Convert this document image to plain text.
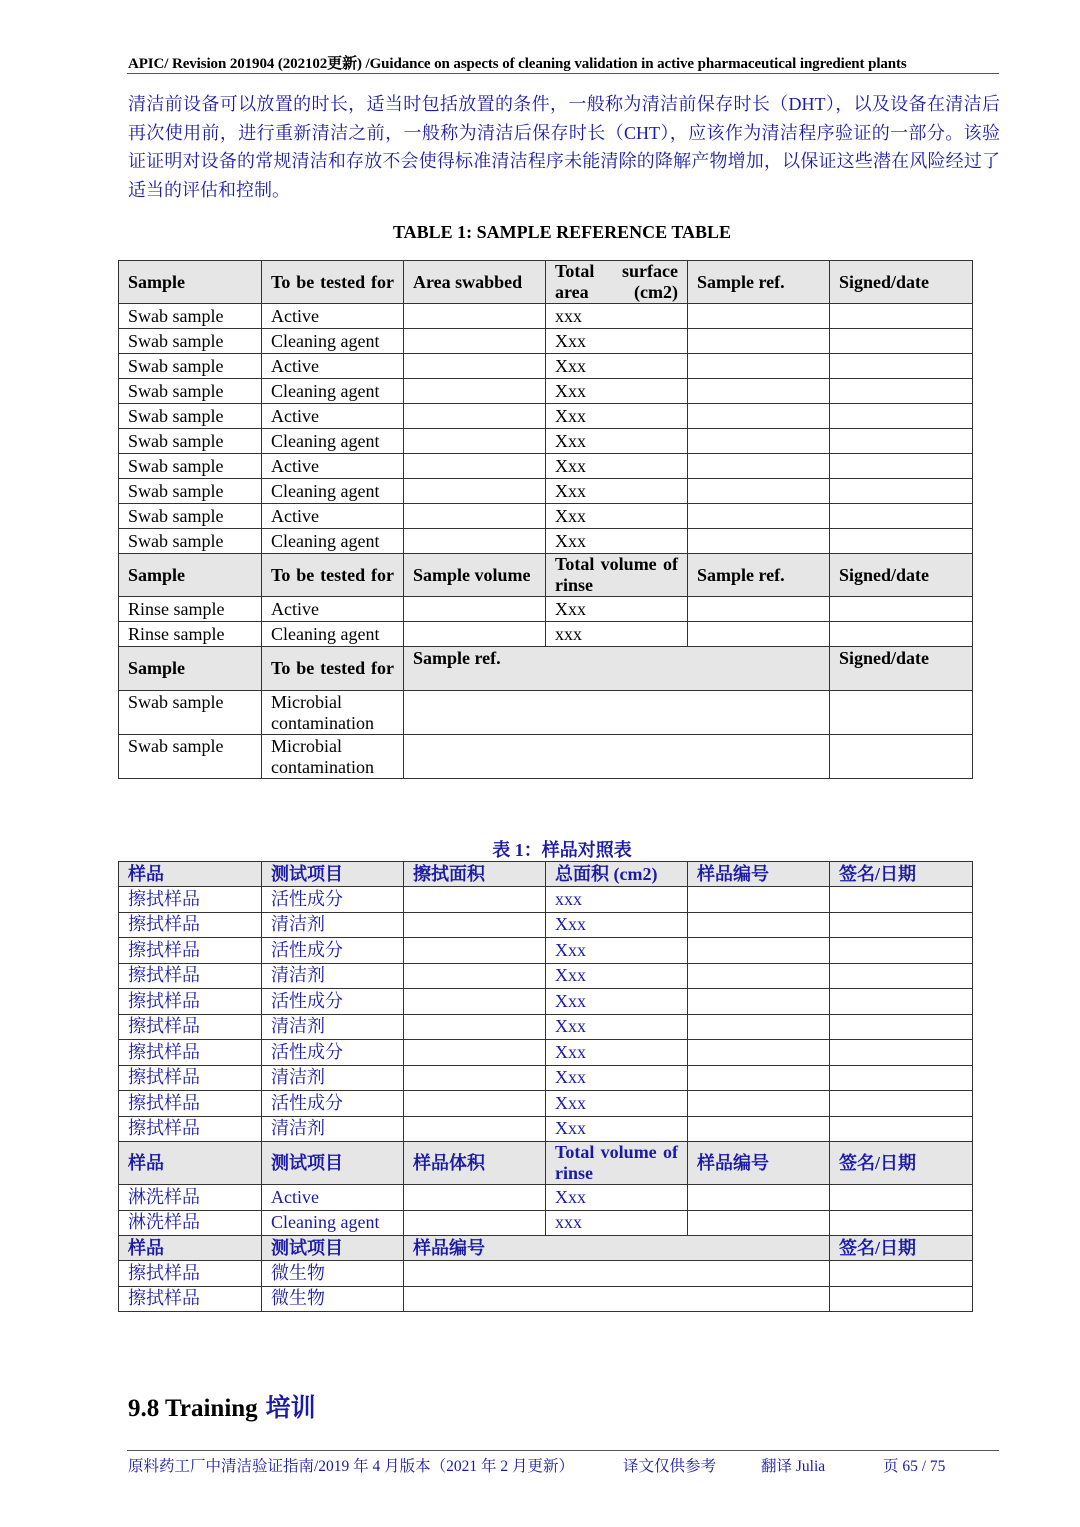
APIC/ Revision 201904 (202102更新) /Guidance on aspects of cleaning validation in active pharmaceutical ingredient plants
清洁前设备可以放置的时长，适当时包括放置的条件，一般称为清洁前保存时长（DHT），以及设备在清洁后再次使用前，进行重新清洁之前，一般称为清洁后保存时长（CHT），应该作为清洁程序验证的一部分。该验证证明对设备的常规清洁和存放不会使得标准清洁程序未能清除的降解产物增加，以保证这些潜在风险经过了适当的评估和控制。
TABLE 1: SAMPLE REFERENCE TABLE
Sample	To be tested for	Area swabbed	Total surface area (cm2)	Sample ref.	Signed/date
Swab sample	Active		xxx		
Swab sample	Cleaning agent		Xxx		
Swab sample	Active		Xxx		
Swab sample	Cleaning agent		Xxx		
Swab sample	Active		Xxx		
Swab sample	Cleaning agent		Xxx		
Swab sample	Active		Xxx		
Swab sample	Cleaning agent		Xxx		
Swab sample	Active		Xxx		
Swab sample	Cleaning agent		Xxx		
Sample	To be tested for	Sample volume	Total volume of rinse	Sample ref.	Signed/date
Rinse sample	Active		Xxx		
Rinse sample	Cleaning agent		xxx		
Sample	To be tested for	Sample ref.			Signed/date
Swab sample	Microbial contamination				
Swab sample	Microbial contamination				
表 1：样品对照表
样品	测试项目	擦拭面积	总面积 (cm2)	样品编号	签名/日期
擦拭样品	活性成分		xxx		
擦拭样品	清洁剂		Xxx		
擦拭样品	活性成分		Xxx		
擦拭样品	清洁剂		Xxx		
擦拭样品	活性成分		Xxx		
擦拭样品	清洁剂		Xxx		
擦拭样品	活性成分		Xxx		
擦拭样品	清洁剂		Xxx		
擦拭样品	活性成分		Xxx		
擦拭样品	清洁剂		Xxx		
样品	测试项目	样品体积	Total volume of rinse	样品编号	签名/日期
淋洗样品	Active		Xxx		
淋洗样品	Cleaning agent		xxx		
样品	测试项目	样品编号			签名/日期
擦拭样品	微生物				
擦拭样品	微生物				
9.8 Training 培训
原料药工厂中清洁验证指南/2019 年 4 月版本（2021 年 2 月更新）	译文仅供参考	翻译 Julia	页 65 / 75
